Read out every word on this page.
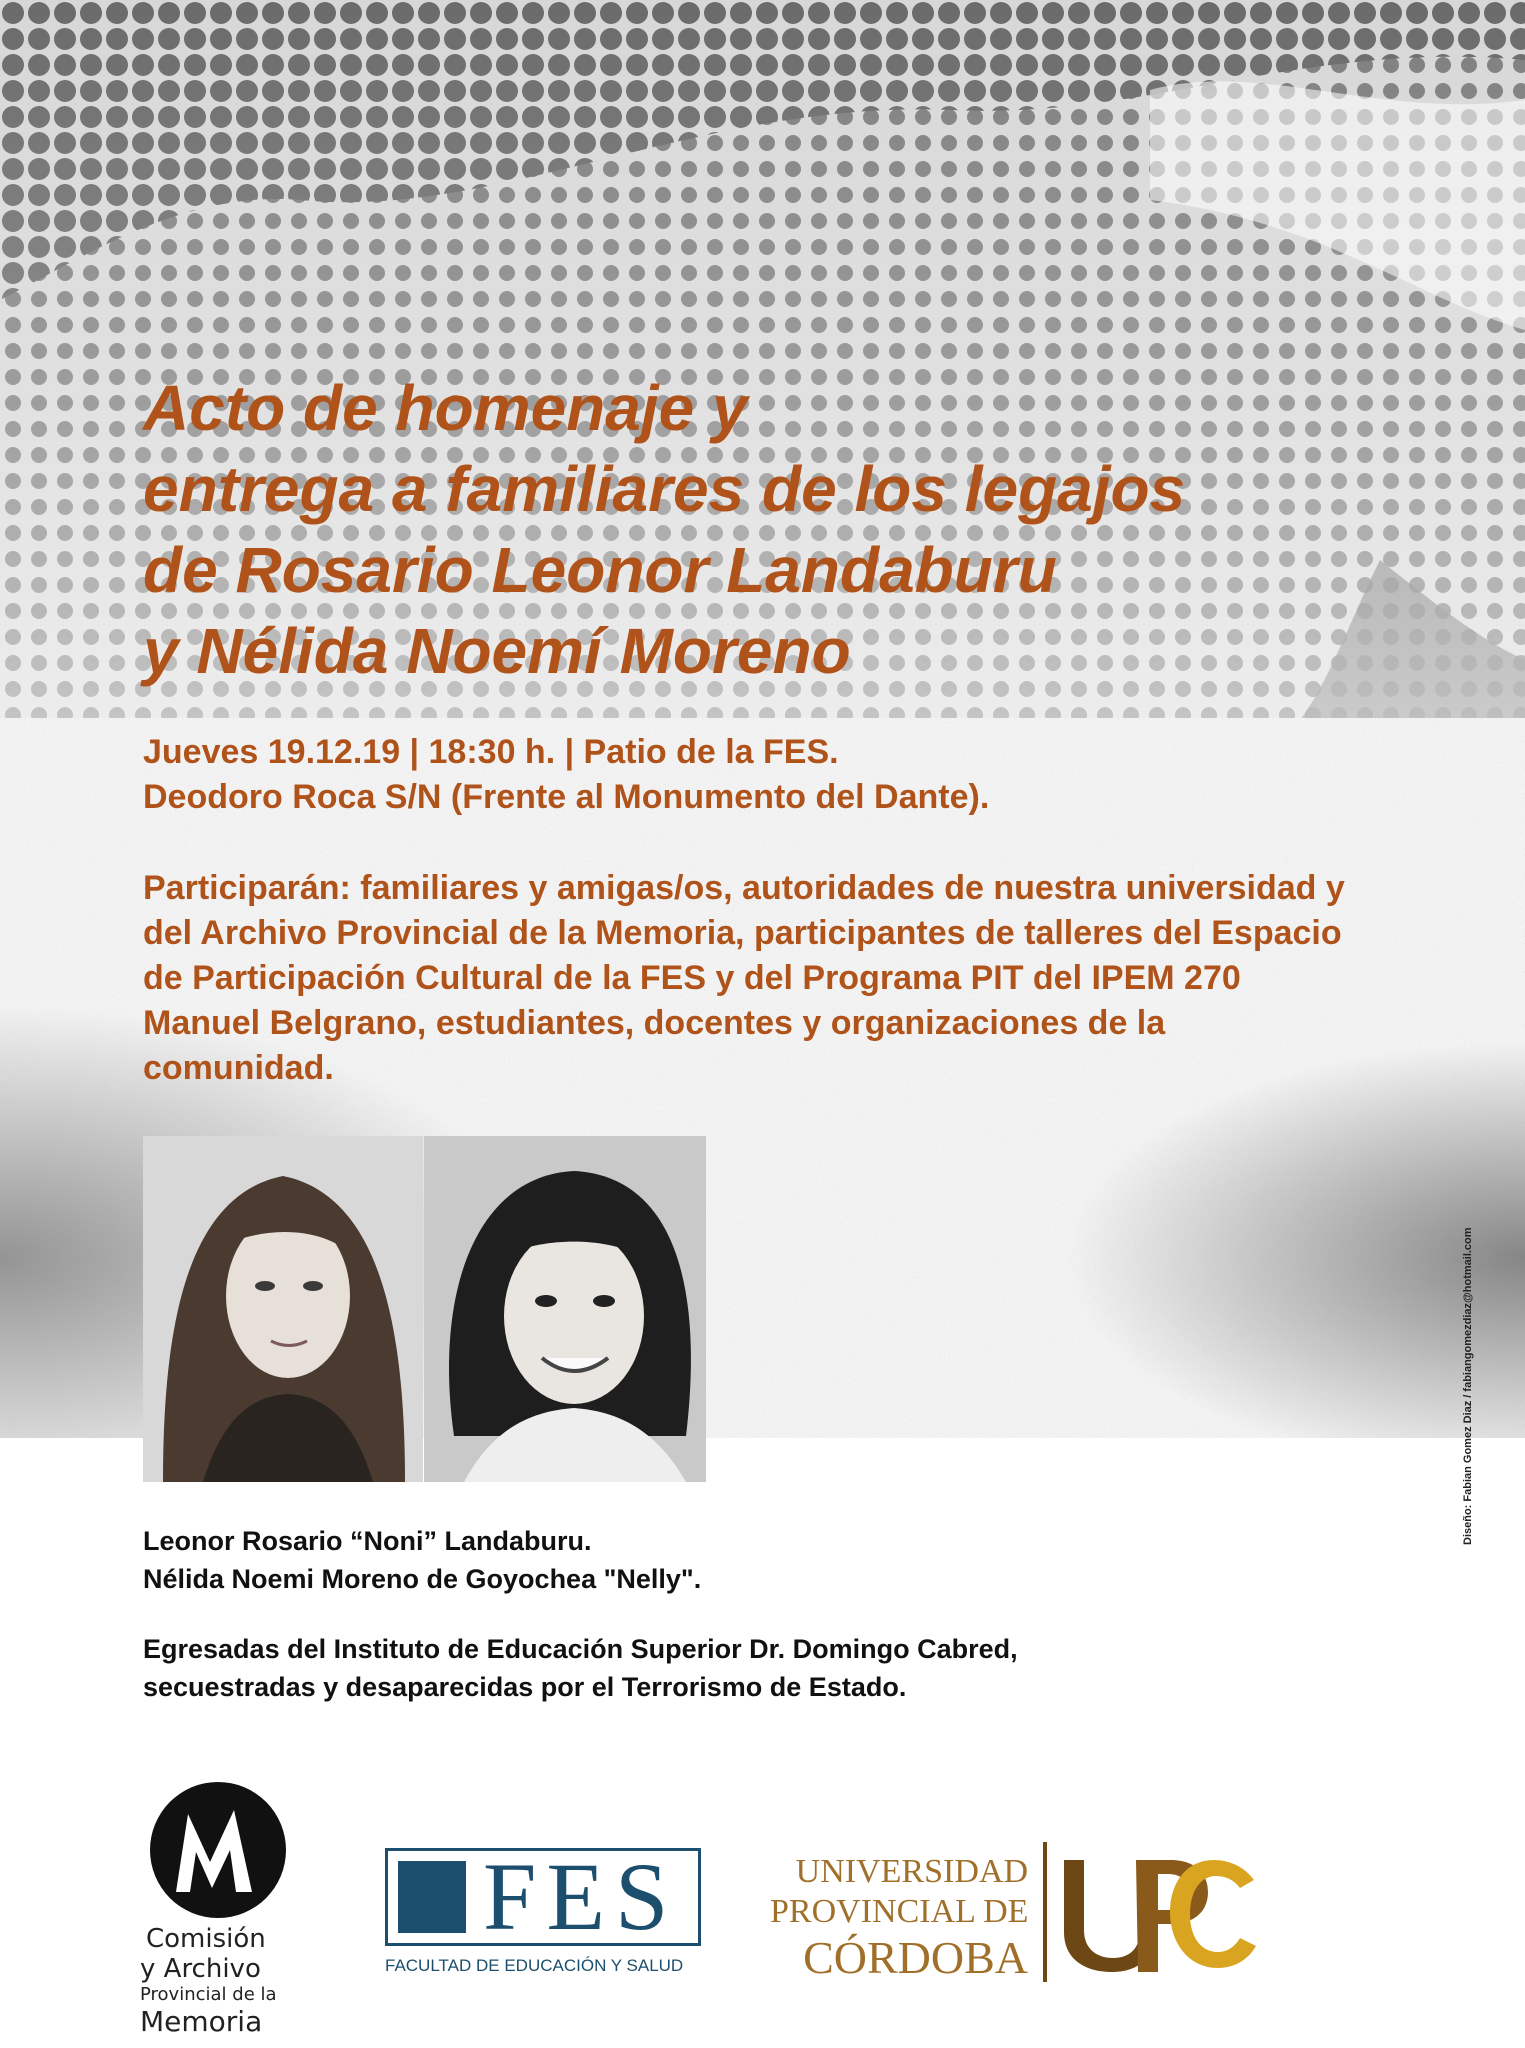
Acto de homenaje y
entrega a familiares de los legajos
de Rosario Leonor Landaburu
y Nélida Noemí Moreno

Jueves 19.12.19 | 18:30 h. | Patio de la FES.
Deodoro Roca S/N (Frente al Monumento del Dante).

Participarán: familiares y amigas/os, autoridades de nuestra universidad y del Archivo Provincial de la Memoria, participantes de talleres del Espacio de Participación Cultural de la FES y del Programa PIT del IPEM 270 Manuel Belgrano, estudiantes, docentes y organizaciones de la comunidad.

Leonor Rosario “Noni” Landaburu.
Nélida Noemi Moreno de Goyochea "Nelly".
Egresadas del Instituto de Educación Superior Dr. Domingo Cabred,
secuestradas y desaparecidas por el Terrorismo de Estado.
Diseño: Fabian Gomez Diaz / fabiangomezdiaz@hotmail.com
Comisión
y Archivo
Provincial de la
Memoria
FES
FACULTAD DE EDUCACIÓN Y SALUD
UNIVERSIDAD
PROVINCIAL DE
CÓRDOBA
